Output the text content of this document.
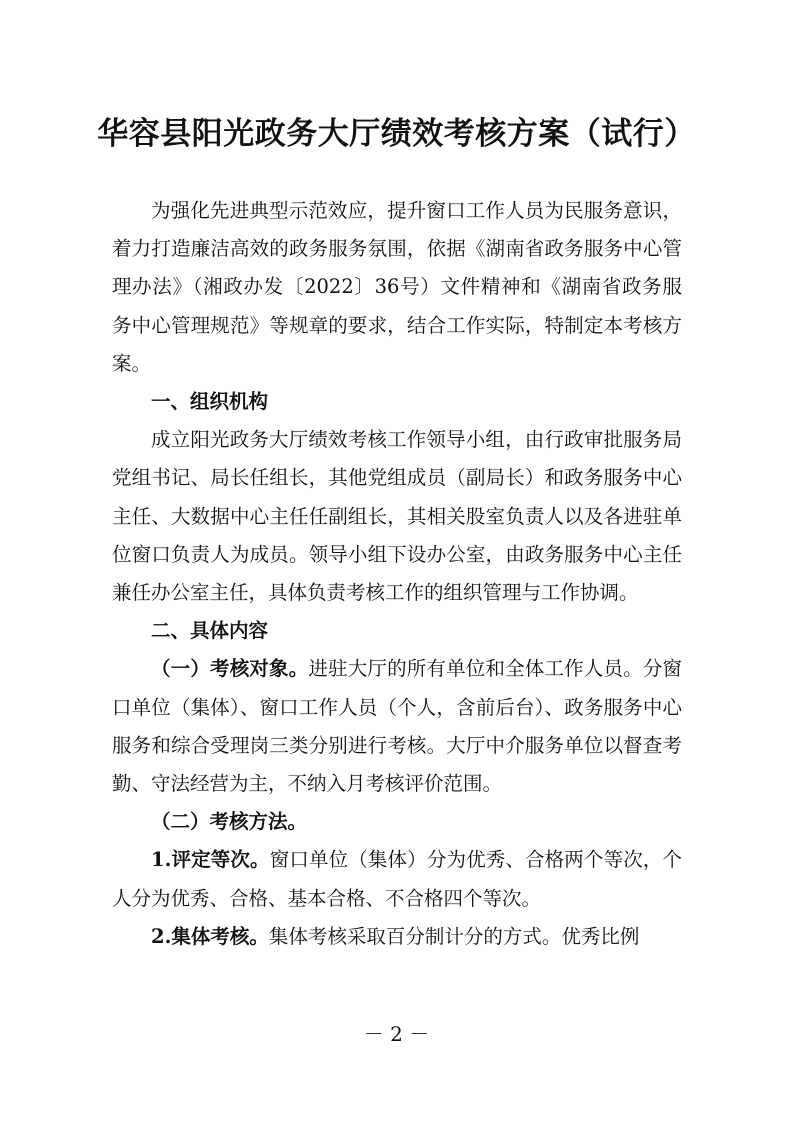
华容县阳光政务大厅绩效考核方案（试行）

为强化先进典型示范效应，提升窗口工作人员为民服务意识，着力打造廉洁高效的政务服务氛围，依据《湖南省政务服务中心管理办法》（湘政办发〔2022〕36号）文件精神和《湖南省政务服务中心管理规范》等规章的要求，结合工作实际，特制定本考核方案。

一、组织机构

成立阳光政务大厅绩效考核工作领导小组，由行政审批服务局党组书记、局长任组长，其他党组成员（副局长）和政务服务中心主任、大数据中心主任任副组长，其相关股室负责人以及各进驻单位窗口负责人为成员。领导小组下设办公室，由政务服务中心主任兼任办公室主任，具体负责考核工作的组织管理与工作协调。

二、具体内容

（一）考核对象。进驻大厅的所有单位和全体工作人员。分窗口单位（集体）、窗口工作人员（个人，含前后台）、政务服务中心服务和综合受理岗三类分别进行考核。大厅中介服务单位以督查考勤、守法经营为主，不纳入月考核评价范围。

（二）考核方法。

1.评定等次。窗口单位（集体）分为优秀、合格两个等次，个人分为优秀、合格、基本合格、不合格四个等次。

2.集体考核。集体考核采取百分制计分的方式。优秀比例

－ 2 －
